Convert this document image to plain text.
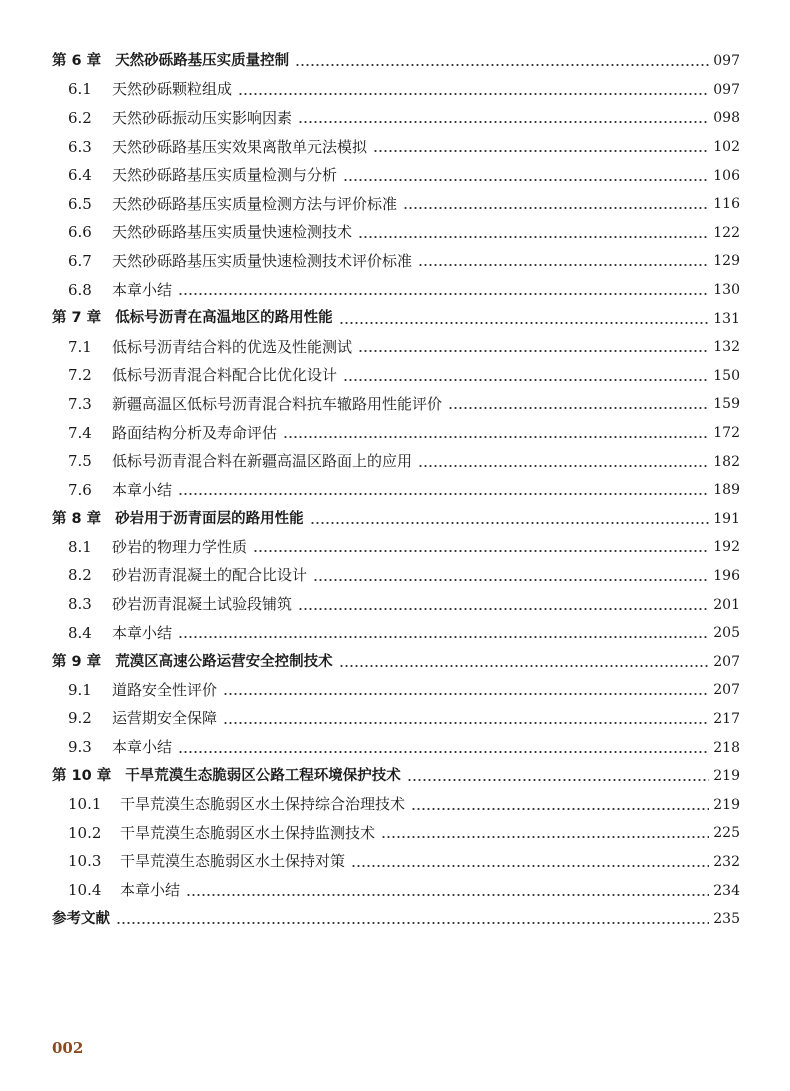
第 6 章 天然砂砾路基压实质量控制	097
6.1	天然砂砾颗粒组成	097
6.2	天然砂砾振动压实影响因素	098
6.3	天然砂砾路基压实效果离散单元法模拟	102
6.4	天然砂砾路基压实质量检测与分析	106
6.5	天然砂砾路基压实质量检测方法与评价标准	116
6.6	天然砂砾路基压实质量快速检测技术	122
6.7	天然砂砾路基压实质量快速检测技术评价标准	129
6.8	本章小结	130
第 7 章 低标号沥青在高温地区的路用性能	131
7.1	低标号沥青结合料的优选及性能测试	132
7.2	低标号沥青混合料配合比优化设计	150
7.3	新疆高温区低标号沥青混合料抗车辙路用性能评价	159
7.4	路面结构分析及寿命评估	172
7.5	低标号沥青混合料在新疆高温区路面上的应用	182
7.6	本章小结	189
第 8 章 砂岩用于沥青面层的路用性能	191
8.1	砂岩的物理力学性质	192
8.2	砂岩沥青混凝土的配合比设计	196
8.3	砂岩沥青混凝土试验段铺筑	201
8.4	本章小结	205
第 9 章 荒漠区高速公路运营安全控制技术	207
9.1	道路安全性评价	207
9.2	运营期安全保障	217
9.3	本章小结	218
第 10 章 干旱荒漠生态脆弱区公路工程环境保护技术	219
10.1	干旱荒漠生态脆弱区水土保持综合治理技术	219
10.2	干旱荒漠生态脆弱区水土保持监测技术	225
10.3	干旱荒漠生态脆弱区水土保持对策	232
10.4	本章小结	234
参考文献	235
002
